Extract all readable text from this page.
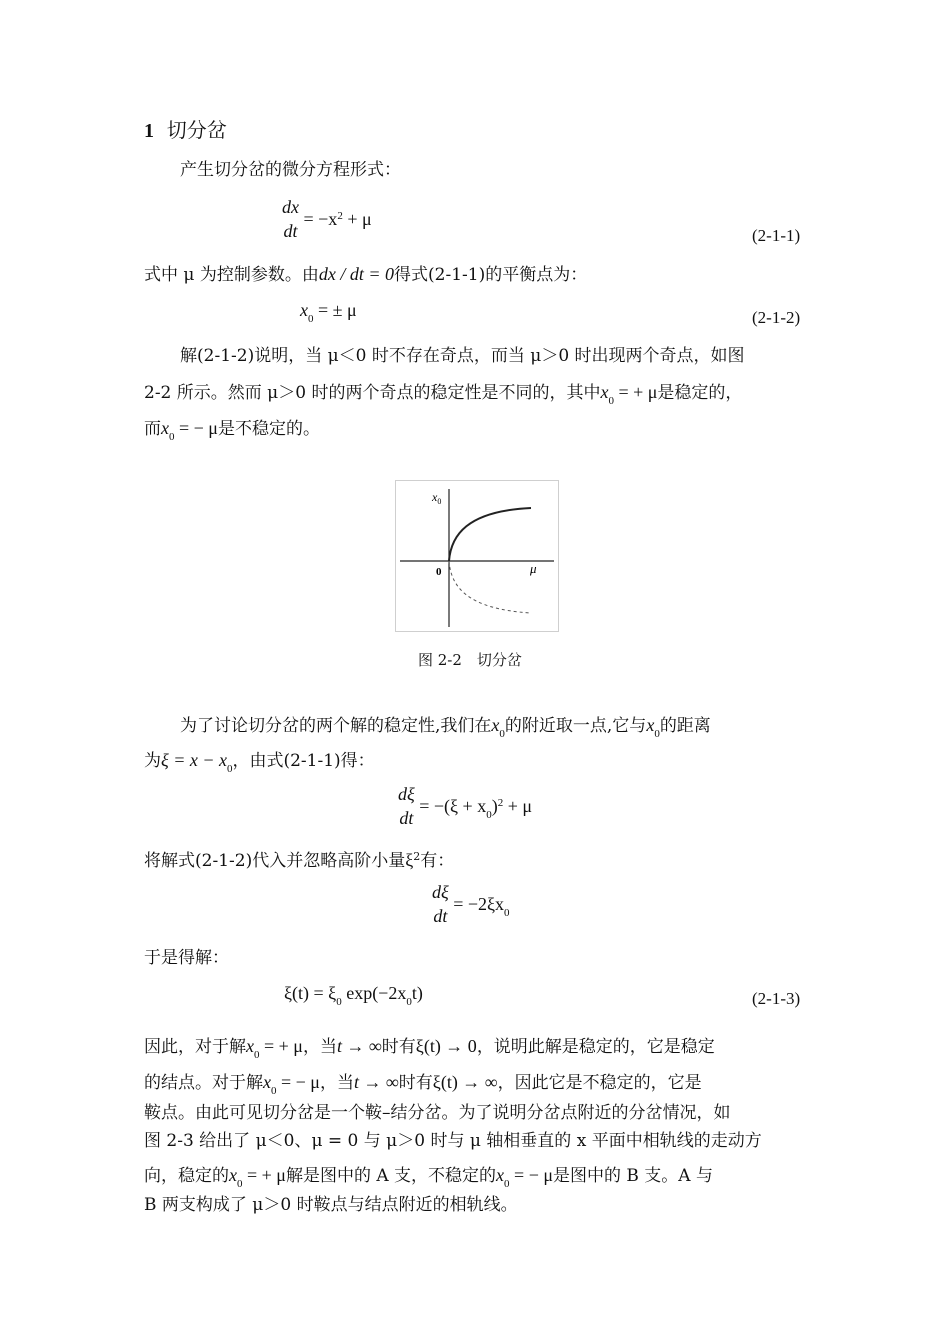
1 切分岔
产生切分岔的微分方程形式：
dx
dt
= $-x^2 + \mu$
(2-1-1)
式中 μ 为控制参数。由dx / dt = 0得式(2-1-1)的平衡点为：
$x_0$ = ± μ	(2-1-2)
解(2-1-2)说明，当 μ＜0 时不存在奇点，而当 μ＞0 时出现两个奇点，如图
2-2 所示。然而 μ＞0 时的两个奇点的稳定性是不同的，其中$x_0$ = + μ是稳定的，
而$x_0$ = − μ是不稳定的。
$x_0$
0	μ
图 2-2　切分岔
为了讨论切分岔的两个解的稳定性,我们在$x_0$的附近取一点,它与$x_0$的距离
为$\xi = x - x_0$，由式(2-1-1)得：
dξ
dt
= $-(\xi + x_0)^2 + \mu$
将解式(2-1-2)代入并忽略高阶小量$\xi^2$有：
dξ
dt
= $-2\xi x_0$
于是得解：
$\xi(t) = \xi_0$ $\exp(-2x_0t)$	(2-1-3)
因此，对于解$x_0$ = + μ，当t → ∞时有ξ(t) → 0，说明此解是稳定的，它是稳定
的结点。对于解$x_0$ = − μ，当t → ∞时有ξ(t) → ∞，因此它是不稳定的，它是
鞍点。由此可见切分岔是一个鞍–结分岔。为了说明分岔点附近的分岔情况，如
图 2-3 给出了 μ＜0、μ = 0 与 μ＞0 时与 μ 轴相垂直的 x 平面中相轨线的走动方
向，稳定的$x_0$ = + μ解是图中的 A 支，不稳定的$x_0$ = − μ是图中的 B 支。A 与
B 两支构成了 μ＞0 时鞍点与结点附近的相轨线。
